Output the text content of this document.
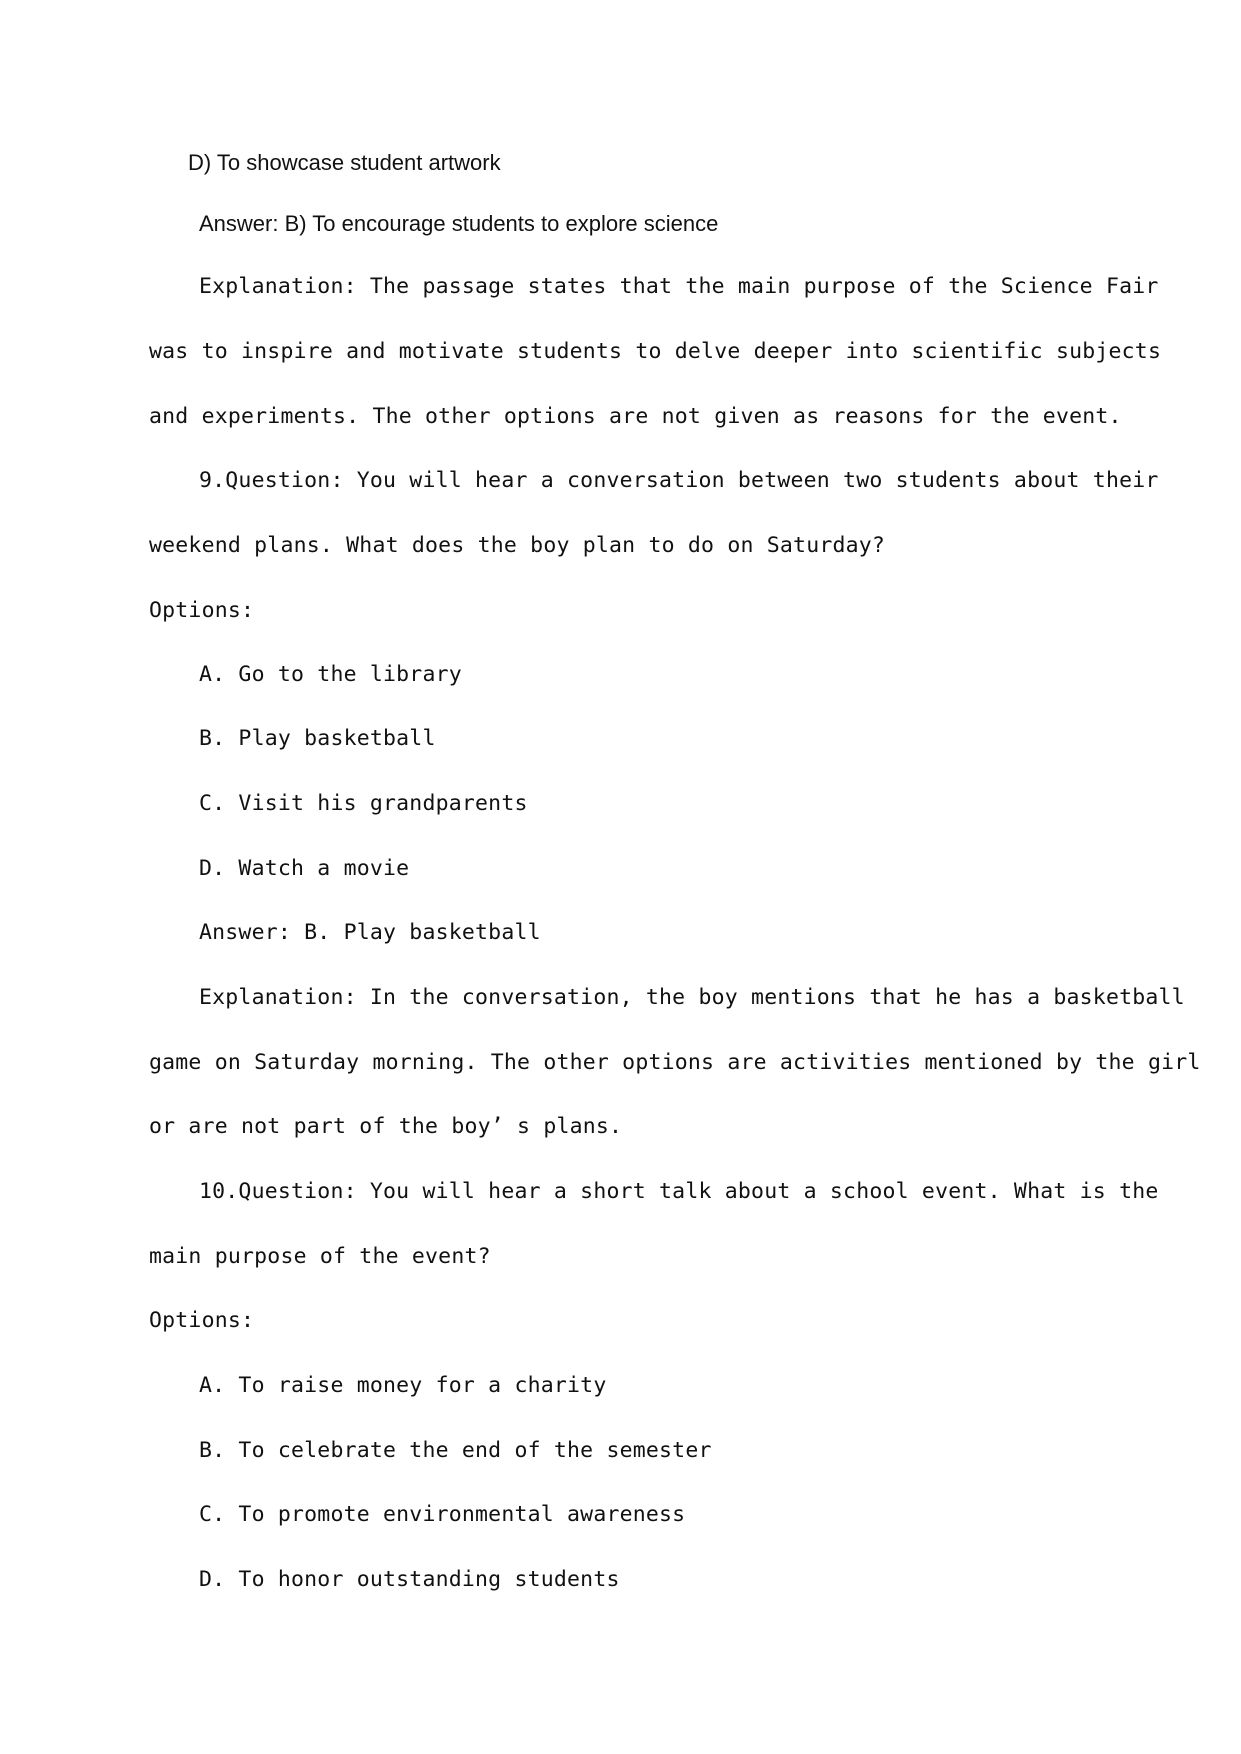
D) To showcase student artwork
Answer: B) To encourage students to explore science
Explanation: The passage states that the main purpose of the Science Fair
was to inspire and motivate students to delve deeper into scientific subjects
and experiments. The other options are not given as reasons for the event.
9.Question: You will hear a conversation between two students about their
weekend plans. What does the boy plan to do on Saturday?
Options:
A. Go to the library
B. Play basketball
C. Visit his grandparents
D. Watch a movie
Answer: B. Play basketball
Explanation: In the conversation, the boy mentions that he has a basketball
game on Saturday morning. The other options are activities mentioned by the girl
or are not part of the boy’ s plans.
10.Question: You will hear a short talk about a school event. What is the
main purpose of the event?
Options:
A. To raise money for a charity
B. To celebrate the end of the semester
C. To promote environmental awareness
D. To honor outstanding students
